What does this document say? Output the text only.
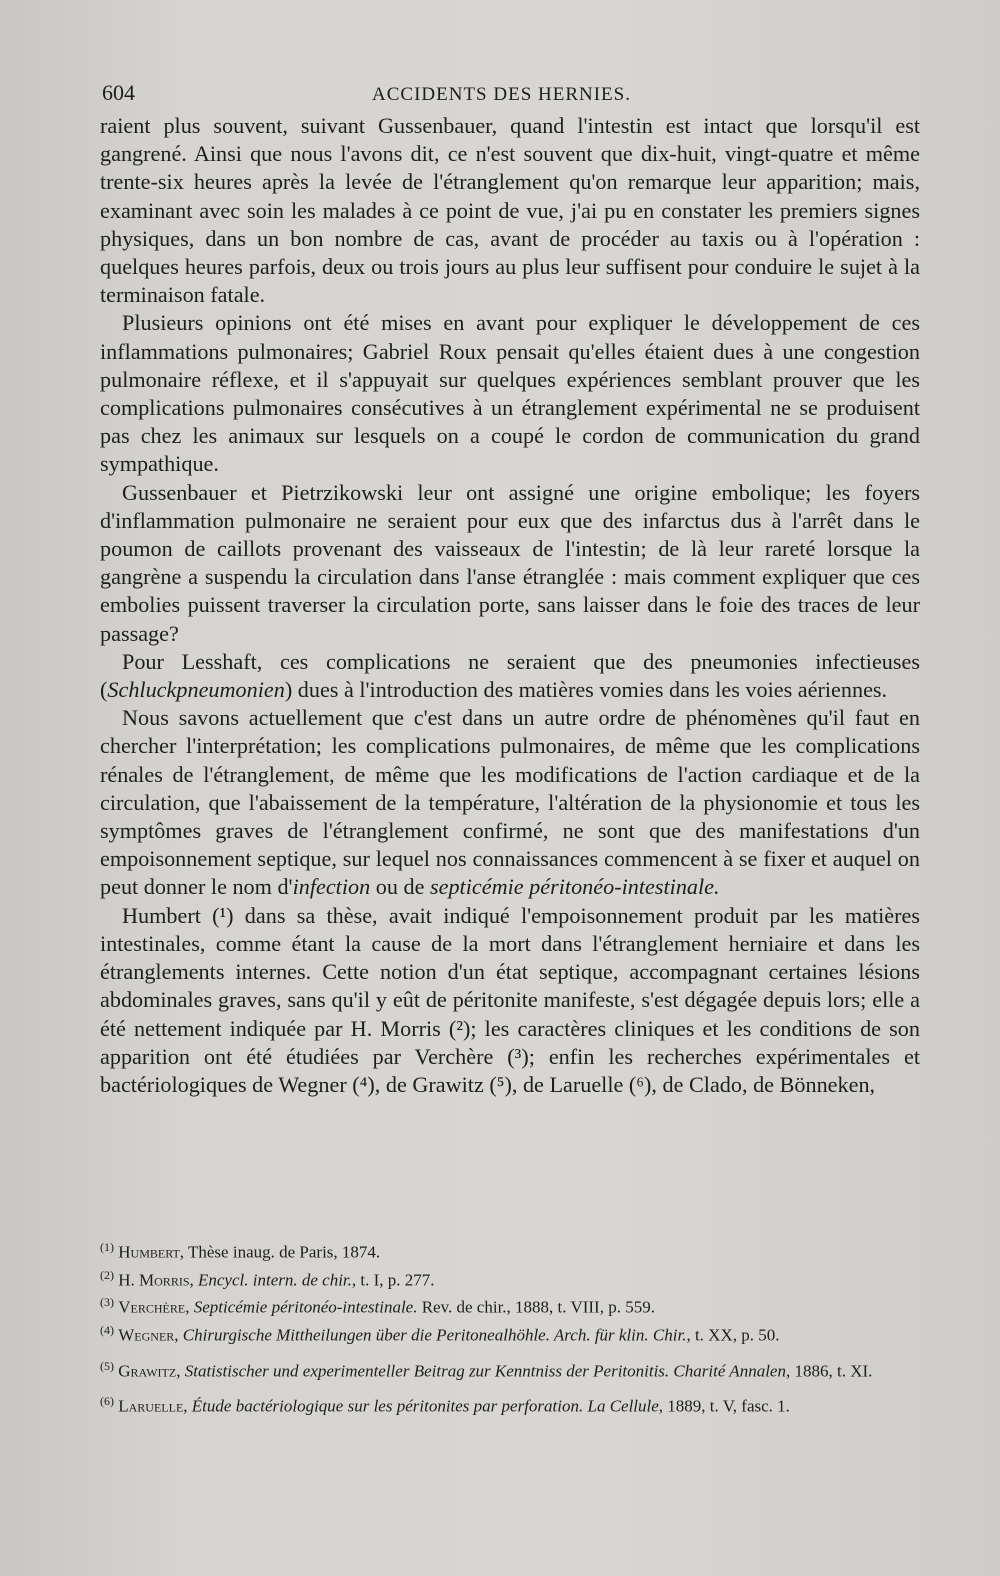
604	ACCIDENTS DES HERNIES.

raient plus souvent, suivant Gussenbauer, quand l'intestin est intact que lorsqu'il est gangrené. Ainsi que nous l'avons dit, ce n'est souvent que dix-huit, vingt-quatre et même trente-six heures après la levée de l'étranglement qu'on remarque leur apparition; mais, examinant avec soin les malades à ce point de vue, j'ai pu en constater les premiers signes physiques, dans un bon nombre de cas, avant de procéder au taxis ou à l'opération : quelques heures parfois, deux ou trois jours au plus leur suffisent pour conduire le sujet à la terminaison fatale.

Plusieurs opinions ont été mises en avant pour expliquer le développement de ces inflammations pulmonaires; Gabriel Roux pensait qu'elles étaient dues à une congestion pulmonaire réflexe, et il s'appuyait sur quelques expériences semblant prouver que les complications pulmonaires consécutives à un étranglement expérimental ne se produisent pas chez les animaux sur lesquels on a coupé le cordon de communication du grand sympathique.

Gussenbauer et Pietrzikowski leur ont assigné une origine embolique; les foyers d'inflammation pulmonaire ne seraient pour eux que des infarctus dus à l'arrêt dans le poumon de caillots provenant des vaisseaux de l'intestin; de là leur rareté lorsque la gangrène a suspendu la circulation dans l'anse étranglée : mais comment expliquer que ces embolies puissent traverser la circulation porte, sans laisser dans le foie des traces de leur passage?

Pour Lesshaft, ces complications ne seraient que des pneumonies infectieuses (Schluckpneumonien) dues à l'introduction des matières vomies dans les voies aériennes.

Nous savons actuellement que c'est dans un autre ordre de phénomènes qu'il faut en chercher l'interprétation; les complications pulmonaires, de même que les complications rénales de l'étranglement, de même que les modifications de l'action cardiaque et de la circulation, que l'abaissement de la température, l'altération de la physionomie et tous les symptômes graves de l'étranglement confirmé, ne sont que des manifestations d'un empoisonnement septique, sur lequel nos connaissances commencent à se fixer et auquel on peut donner le nom d'infection ou de septicémie péritonéo-intestinale.

Humbert (¹) dans sa thèse, avait indiqué l'empoisonnement produit par les matières intestinales, comme étant la cause de la mort dans l'étranglement herniaire et dans les étranglements internes. Cette notion d'un état septique, accompagnant certaines lésions abdominales graves, sans qu'il y eût de péritonite manifeste, s'est dégagée depuis lors; elle a été nettement indiquée par H. Morris (²); les caractères cliniques et les conditions de son apparition ont été étudiées par Verchère (³); enfin les recherches expérimentales et bactériologiques de Wegner (⁴), de Grawitz (⁵), de Laruelle (⁶), de Clado, de Bönneken,

$^{(1)}$ Humbert, Thèse inaug. de Paris, 1874.

$^{(2)}$ H. Morris, Encycl. intern. de chir., t. I, p. 277.

$^{(3)}$ Verchère, Septicémie péritonéo-intestinale. Rev. de chir., 1888, t. VIII, p. 559.

$^{(4)}$ Wegner, Chirurgische Mittheilungen über die Peritonealhöhle. Arch. für klin. Chir., t. XX, p. 50.

$^{(5)}$ Grawitz, Statistischer und experimenteller Beitrag zur Kenntniss der Peritonitis. Charité Annalen, 1886, t. XI.

$^{(6)}$ Laruelle, Étude bactériologique sur les péritonites par perforation. La Cellule, 1889, t. V, fasc. 1.
